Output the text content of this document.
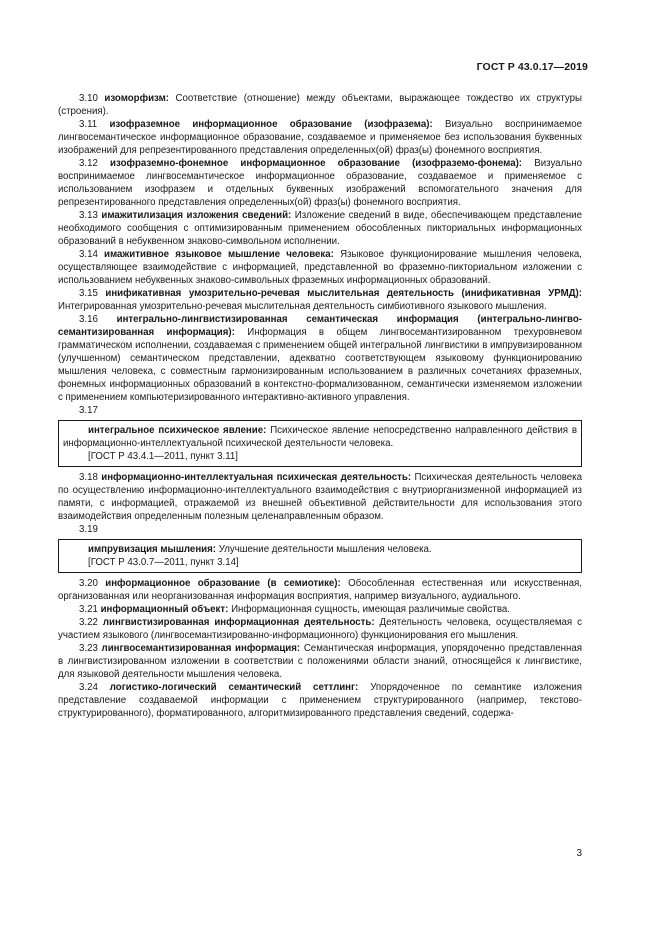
ГОСТ Р 43.0.17—2019

3.10 изоморфизм: Соответствие (отношение) между объектами, выражающее тождество их структуры (строения).

3.11 изофраземное информационное образование (изофразема): Визуально воспринимаемое лингвосемантическое информационное образование, создаваемое и применяемое без использования буквенных изображений для репрезентированного представления определенных(ой) фраз(ы) фонемного восприятия.

3.12 изофраземно-фонемное информационное образование (изофраземо-фонема): Визуально воспринимаемое лингвосемантическое информационное образование, создаваемое и применяемое с использованием изофразем и отдельных буквенных изображений вспомогательного значения для репрезентированного представления определенных(ой) фраз(ы) фонемного восприятия.

3.13 имажитилизация изложения сведений: Изложение сведений в виде, обеспечивающем представление необходимого сообщения с оптимизированным применением обособленных пикториальных информационных образований в небуквенном знаково-символьном исполнении.

3.14 имажитивное языковое мышление человека: Языковое функционирование мышления человека, осуществляющее взаимодействие с информацией, представленной во фраземно-пикториальном изложении с использованием небуквенных знаково-символьных фраземных информационных образований.

3.15 инификативная умозрительно-речевая мыслительная деятельность (инификативная УРМД): Интегрированная умозрительно-речевая мыслительная деятельность симбиотивного языкового мышления.

3.16 интегрально-лингвистизированная семантическая информация (интегрально-лингвосемантизированная информация): Информация в общем лингвосемантизированном трехуровневом грамматическом исполнении, создаваемая с применением общей интегральной лингвистики в импрувизированном (улучшенном) семантическом представлении, адекватно соответствующем языковому функционированию мышления человека, с совместным гармонизированным использованием в различных сочетаниях фраземных, фонемных информационных образований в контекстно-формализованном, семантически изменяемом изложении с применением компьютеризированного интерактивно-активного управления.

3.17

интегральное психическое явление: Психическое явление непосредственно направленного действия в информационно-интеллектуальной психической деятельности человека.

[ГОСТ Р 43.4.1—2011, пункт 3.11]

3.18 информационно-интеллектуальная психическая деятельность: Психическая деятельность человека по осуществлению информационно-интеллектуального взаимодействия с внутриорганизменной информацией из памяти, с информацией, отражаемой из внешней объективной действительности для использования этого взаимодействия определенным полезным целенаправленным образом.

3.19

импрувизация мышления: Улучшение деятельности мышления человека.

[ГОСТ Р 43.0.7—2011, пункт 3.14]

3.20 информационное образование (в семиотике): Обособленная естественная или искусственная, организованная или неорганизованная информация восприятия, например визуального, аудиального.

3.21 информационный объект: Информационная сущность, имеющая различимые свойства.

3.22 лингвистизированная информационная деятельность: Деятельность человека, осуществляемая с участием языкового (лингвосемантизированно-информационного) функционирования его мышления.

3.23 лингвосемантизированная информация: Семантическая информация, упорядоченно представленная в лингвистизированном изложении в соответствии с положениями области знаний, относящейся к лингвистике, для языковой деятельности мышления человека.

3.24 логистико-логический семантический сеттлинг: Упорядоченное по семантике изложения представление создаваемой информации с применением структурированного (например, текстовоструктурированного), форматированного, алгоритмизированного представления сведений, содержа-

3
